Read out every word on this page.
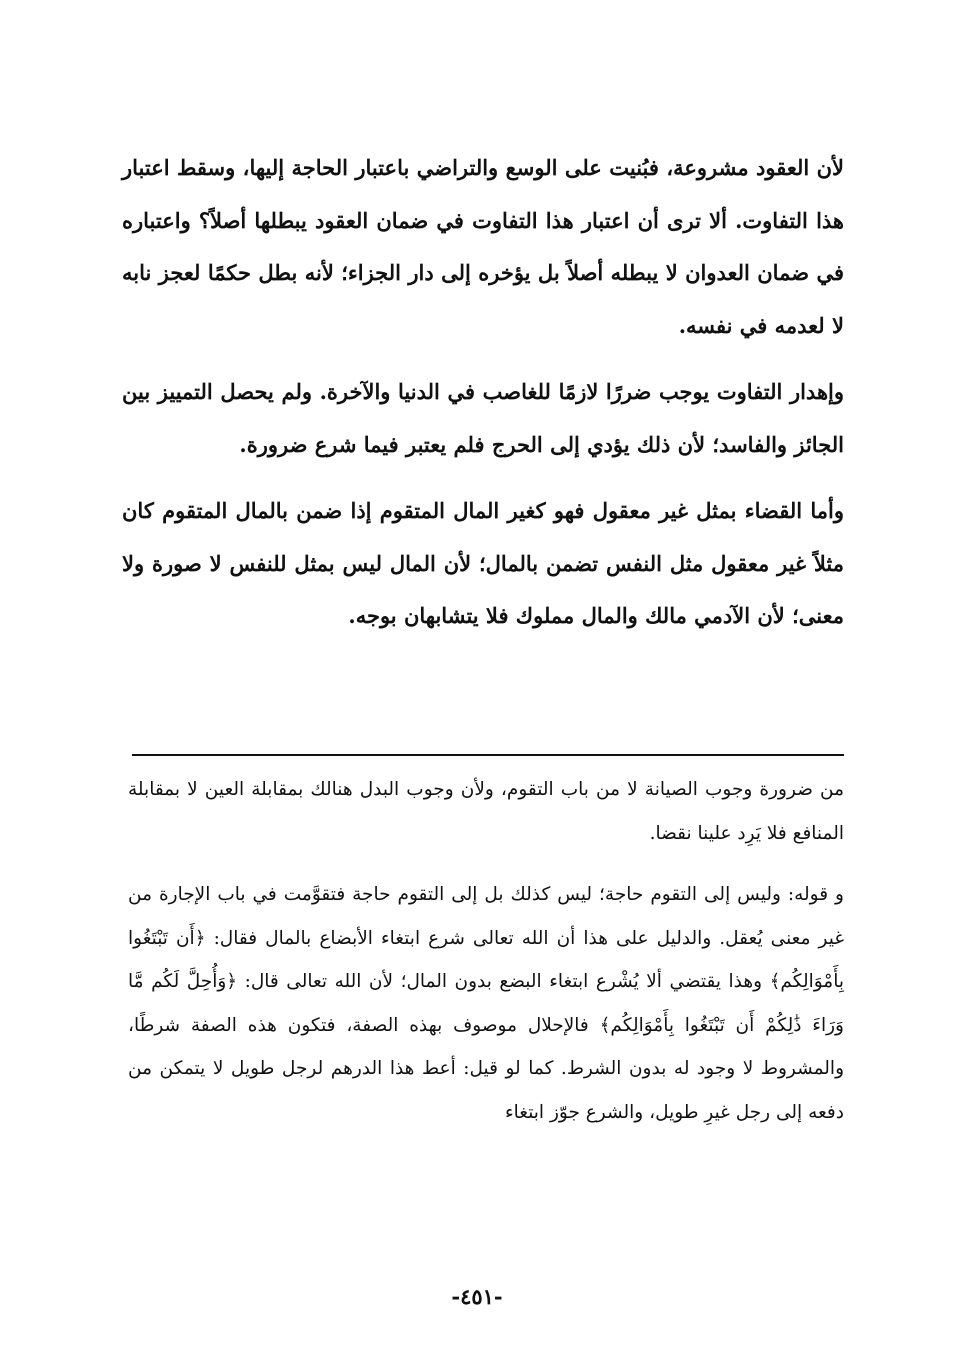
لأن العقود مشروعة، فبُنيت على الوسع والتراضي باعتبار الحاجة إليها، وسقط اعتبار هذا التفاوت. ألا ترى أن اعتبار هذا التفاوت في ضمان العقود يبطلها أصلاً؟ واعتباره في ضمان العدوان لا يبطله أصلاً بل يؤخره إلى دار الجزاء؛ لأنه بطل حكمًا لعجز نابه لا لعدمه في نفسه.

وإهدار التفاوت يوجب ضررًا لازمًا للغاصب في الدنيا والآخرة. ولم يحصل التمييز بين الجائز والفاسد؛ لأن ذلك يؤدي إلى الحرج فلم يعتبر فيما شرع ضرورة.

وأما القضاء بمثل غير معقول فهو كغير المال المتقوم إذا ضمن بالمال المتقوم كان مثلاً غير معقول مثل النفس تضمن بالمال؛ لأن المال ليس بمثل للنفس لا صورة ولا معنى؛ لأن الآدمي مالك والمال مملوك فلا يتشابهان بوجه.

من ضرورة وجوب الصيانة لا من باب التقوم، ولأن وجوب البدل هنالك بمقابلة العين لا بمقابلة المنافع فلا يَرِد علينا نقضا.

و قوله: وليس إلى التقوم حاجة؛ ليس كذلك بل إلى التقوم حاجة فتقوَّمت في باب الإجارة من غير معنى يُعقل. والدليل على هذا أن الله تعالى شرع ابتغاء الأبضاع بالمال فقال: ﴿أَن تَبْتَغُوا بِأَمْوَالِكُم﴾ وهذا يقتضي ألا يُشْرع ابتغاء البضع بدون المال؛ لأن الله تعالى قال: ﴿وَأُحِلَّ لَكُم مَّا وَرَاءَ ذَٰلِكُمْ أَن تَبْتَغُوا بِأَمْوَالِكُم﴾ فالإحلال موصوف بهذه الصفة، فتكون هذه الصفة شرطًا، والمشروط لا وجود له بدون الشرط. كما لو قيل: أعط هذا الدرهم لرجل طويل لا يتمكن من دفعه إلى رجل غيرِ طويل، والشرع جوّز ابتغاء

-٤٥١-
